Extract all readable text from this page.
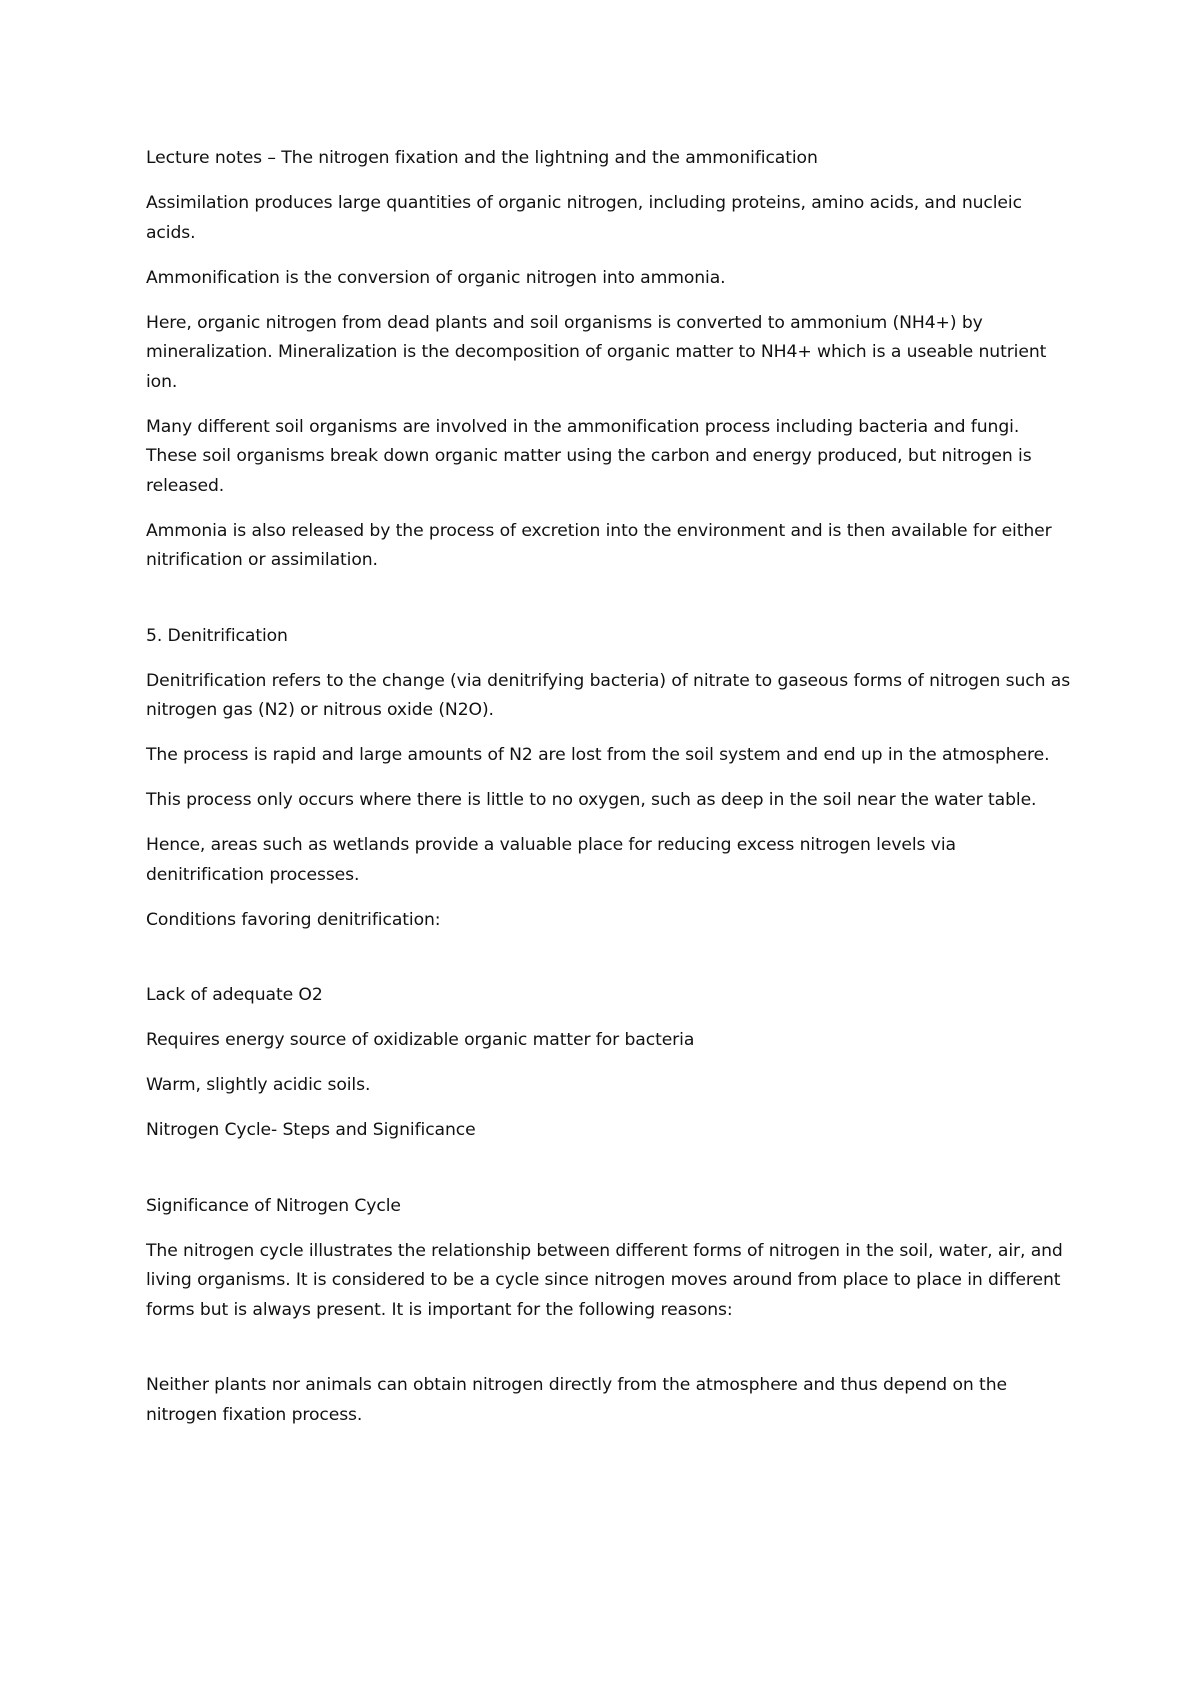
Lecture notes – The nitrogen fixation and the lightning and the ammonification

Assimilation produces large quantities of organic nitrogen, including proteins, amino acids, and nucleic acids.

Ammonification is the conversion of organic nitrogen into ammonia.

Here, organic nitrogen from dead plants and soil organisms is converted to ammonium (NH4+) by mineralization. Mineralization is the decomposition of organic matter to NH4+ which is a useable nutrient ion.

Many different soil organisms are involved in the ammonification process including bacteria and fungi. These soil organisms break down organic matter using the carbon and energy produced, but nitrogen is released.

Ammonia is also released by the process of excretion into the environment and is then available for either nitrification or assimilation.

5. Denitrification

Denitrification refers to the change (via denitrifying bacteria) of nitrate to gaseous forms of nitrogen such as nitrogen gas (N2) or nitrous oxide (N2O).

The process is rapid and large amounts of N2 are lost from the soil system and end up in the atmosphere.

This process only occurs where there is little to no oxygen, such as deep in the soil near the water table.

Hence, areas such as wetlands provide a valuable place for reducing excess nitrogen levels via denitrification processes.

Conditions favoring denitrification:

Lack of adequate O2

Requires energy source of oxidizable organic matter for bacteria

Warm, slightly acidic soils.

Nitrogen Cycle- Steps and Significance

Significance of Nitrogen Cycle

The nitrogen cycle illustrates the relationship between different forms of nitrogen in the soil, water, air, and living organisms. It is considered to be a cycle since nitrogen moves around from place to place in different forms but is always present. It is important for the following reasons:

Neither plants nor animals can obtain nitrogen directly from the atmosphere and thus depend on the nitrogen fixation process.
